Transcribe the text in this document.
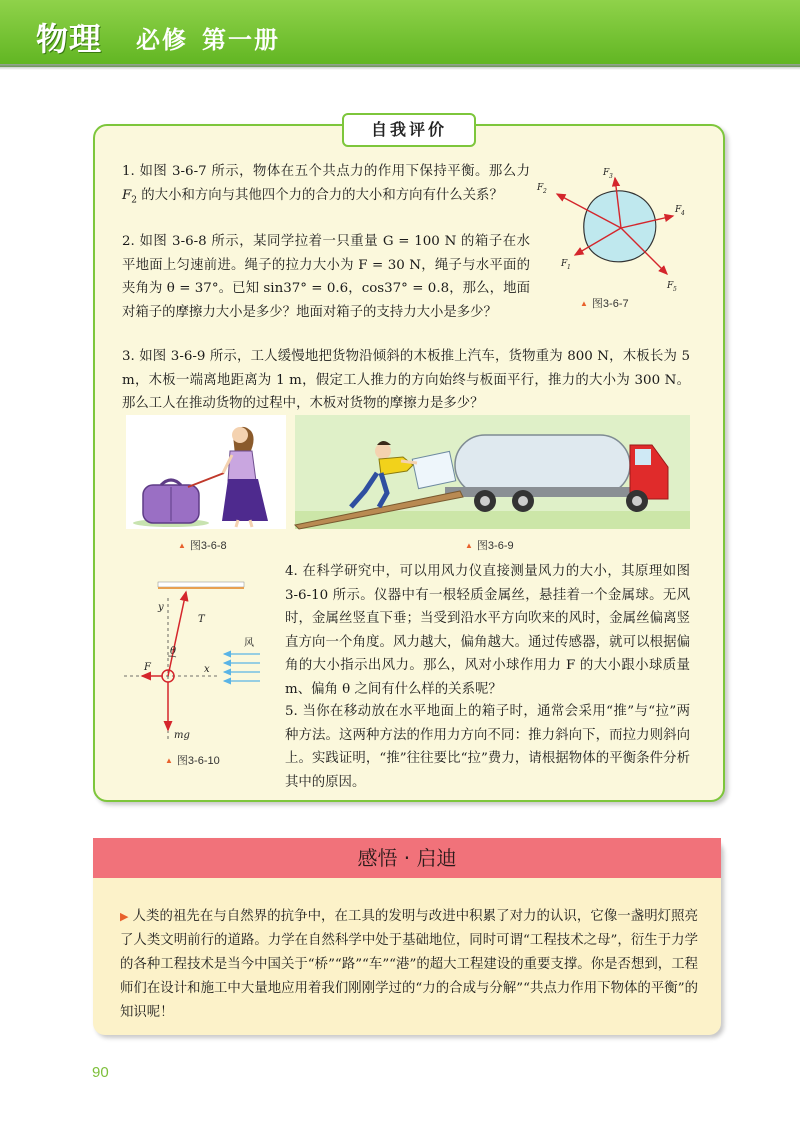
物理 必修 第一册
自我评价

1. 如图 3-6-7 所示，物体在五个共点力的作用下保持平衡。那么力 $F_2$ 的大小和方向与其他四个力的合力的大小和方向有什么关系？

2. 如图 3-6-8 所示，某同学拉着一只重量 G = 100 N 的箱子在水平地面上匀速前进。绳子的拉力大小为 F = 30 N，绳子与水平面的夹角为 θ = 37°。已知 sin37° = 0.6，cos37° = 0.8，那么，地面对箱子的摩擦力大小是多少？地面对箱子的支持力大小是多少？

3. 如图 3-6-9 所示，工人缓慢地把货物沿倾斜的木板推上汽车，货物重为 800 N，木板长为 5 m，木板一端离地距离为 1 m，假定工人推力的方向始终与板面平行，推力的大小为 300 N。那么工人在推动货物的过程中，木板对货物的摩擦力是多少？

F 1
F 2
F 3
F 4
F 5
▲ 图3-6-7
▲ 图3-6-8	▲ 图3-6-9

4. 在科学研究中，可以用风力仪直接测量风力的大小，其原理如图 3-6-10 所示。仪器中有一根轻质金属丝，悬挂着一个金属球。无风时，金属丝竖直下垂；当受到沿水平方向吹来的风时，金属丝偏离竖直方向一个角度。风力越大，偏角越大。通过传感器，就可以根据偏角的大小指示出风力。那么，风对小球作用力 F 的大小跟小球质量 m、偏角 θ 之间有什么样的关系呢？

y
T
θ
x
F
mg
风
▲ 图3-6-10

5. 当你在移动放在水平地面上的箱子时，通常会采用“推”与“拉”两种方法。这两种方法的作用力方向不同：推力斜向下，而拉力则斜向上。实践证明，“推”往往要比“拉”费力，请根据物体的平衡条件分析其中的原因。

感悟 · 启迪

▶ 人类的祖先在与自然界的抗争中，在工具的发明与改进中积累了对力的认识，它像一盏明灯照亮了人类文明前行的道路。力学在自然科学中处于基础地位，同时可谓“工程技术之母”，衍生于力学的各种工程技术是当今中国关于“桥”“路”“车”“港”的超大工程建设的重要支撑。你是否想到，工程师们在设计和施工中大量地应用着我们刚刚学过的“力的合成与分解”“共点力作用下物体的平衡”的知识呢！

90
